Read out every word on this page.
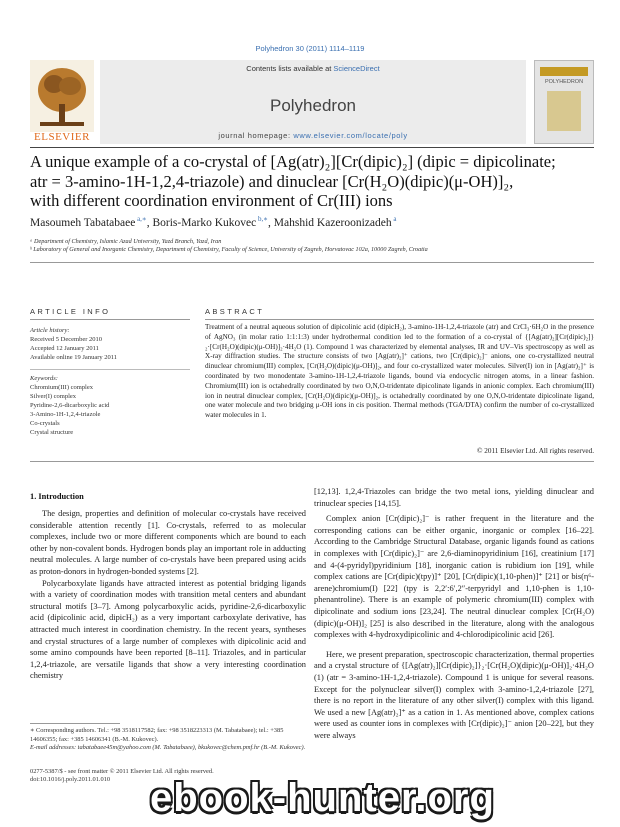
Polyhedron 30 (2011) 1114–1119
ELSEVIER
Contents lists available at ScienceDirect
Polyhedron
journal homepage: www.elsevier.com/locate/poly
POLYHEDRON
A unique example of a co-crystal of [Ag(atr)₂][Cr(dipic)₂] (dipic = dipicolinate;
atr = 3-amino-1H-1,2,4-triazole) and dinuclear [Cr(H₂O)(dipic)(μ-OH)]₂,
with different coordination environment of Cr(III) ions
Masoumeh Tabatabaee $^{a,∗}$, Boris-Marko Kukovec $^{b,∗}$, Mahshid Kazeroonizadeh $^a$
ᵃ Department of Chemistry, Islamic Azad University, Yazd Branch, Yazd, Iran
ᵇ Laboratory of General and Inorganic Chemistry, Department of Chemistry, Faculty of Science, University of Zagreb, Horvatovac 102a, 10000 Zagreb, Croatia
ARTICLE INFO
Article history:
Received 5 December 2010
Accepted 12 January 2011
Available online 19 January 2011
Keywords:
Chromium(III) complex
Silver(I) complex
Pyridine-2,6-dicarboxylic acid
3-Amino-1H-1,2,4-triazole
Co-crystals
Crystal structure
ABSTRACT
Treatment of a neutral aqueous solution of dipicolinic acid (dipicH₂), 3-amino-1H-1,2,4-triazole (atr) and CrCl₃·6H₂O in the presence of AgNO₃ (in molar ratio 1:1:1:3) under hydrothermal condition led to the formation of a co-crystal of {[Ag(atr)₂][Cr(dipic)₂]}₂·[Cr(H₂O)(dipic)(μ-OH)]₂·4H₂O (1). Compound 1 was characterized by elemental analyses, IR and UV–Vis spectroscopy as well as X-ray diffraction studies. The structure consists of two [Ag(atr)₂]⁺ cations, two [Cr(dipic)₂]⁻ anions, one co-crystallized neutral dinuclear chromium(III) complex, [Cr(H₂O)(dipic)(μ-OH)]₂, and four co-crystallized water molecules. Silver(I) ion in [Ag(atr)₂]⁺ is coordinated by two monodentate 3-amino-1H-1,2,4-triazole ligands, bound via endocyclic nitrogen atoms, in a linear fashion. Chromium(III) ion is octahedrally coordinated by two O,N,O-tridentate dipicolinate ligands in anionic complex. Each chromium(III) ion in neutral dinuclear complex, [Cr(H₂O)(dipic)(μ-OH)]₂, is octahedrally coordinated by one O,N,O-tridentate dipicolinate ligand, one water molecule and two bridging μ-OH ions in cis position. Thermal methods (TGA/DTA) confirm the number of co-crystallized water molecules in 1.
© 2011 Elsevier Ltd. All rights reserved.
1. Introduction
The design, properties and definition of molecular co-crystals have received considerable attention recently [1]. Co-crystals, referred to as molecular complexes, include two or more different components which are bound to each other by non-covalent bonds. Hydrogen bonds play an important role in adducting neutral molecules. A large number of co-crystals have been prepared using acids as proton-donors in hydrogen-bonded systems [2].
Polycarboxylate ligands have attracted interest as potential bridging ligands with a variety of coordination modes with transition metal centers and abundant structural motifs [3–7]. Among polycarboxylic acids, pyridine-2,6-dicarboxylic acid (dipicolinic acid, dipicH₂) as a very important carboxylate derivative, has attracted much interest in coordination chemistry. In the recent years, syntheses and crystal structures of a large number of complexes with dipicolinic acid and some amino compounds have been reported [8–11]. Triazoles, and in particular 1,2,4-triazole, are versatile ligands that show a very interesting coordination chemistry
[12,13]. 1,2,4-Triazoles can bridge the two metal ions, yielding dinuclear and trinuclear species [14,15].
Complex anion [Cr(dipic)₂]⁻ is rather frequent in the literature and the corresponding cations can be either organic, inorganic or complex [16–22]. According to the Cambridge Structural Database, organic ligands found as cations in complexes with [Cr(dipic)₂]⁻ are 2,6-diaminopyridinium [16], creatinium [17] and 4-(4-pyridyl)pyridinium [18], inorganic cation is rubidium ion [19], while complex cations are [Cr(dipic)(tpy)]⁺ [20], [Cr(dipic)(1,10-phen)]⁺ [21] or bis(η⁶-arene)chromium(I) [22] (tpy is 2,2′:6′,2″-terpyridyl and 1,10-phen is 1,10-phenantroline). There is an example of polymeric chromium(III) complex with dipicolinate and sodium ions [23,24]. The neutral dinuclear complex [Cr(H₂O)(dipic)(μ-OH)]₂ [25] is also described in the literature, along with the analogous complexes with 4-hydroxydipicolinic and 4-chlorodipicolinic acid [26].
Here, we present preparation, spectroscopic characterization, thermal properties and a crystal structure of {[Ag(atr)₂][Cr(dipic)₂]}₂·[Cr(H₂O)(dipic)(μ-OH)]₂·4H₂O (1) (atr = 3-amino-1H-1,2,4-triazole). Compound 1 is unique for several reasons. Except for the polynuclear silver(I) complex with 3-amino-1,2,4-triazole [27], there is no report in the literature of any other silver(I) complex with this ligand. We used a new [Ag(atr)₂]⁺ as a cation in 1. As mentioned above, complex cations were used as counter ions in complexes with [Cr(dipic)₂]⁻ anion [20–22], but they were always
∗ Corresponding authors. Tel.: +98 3518117582; fax: +98 3518223313 (M. Tabatabaee); tel.: +385 14606355; fax: +385 14606341 (B.-M. Kukovec).
E-mail addresses: tabatabaee45m@yahoo.com (M. Tabatabaee), bkukovec@chem.pmf.hr (B.-M. Kukovec).
0277-5387/$ - see front matter © 2011 Elsevier Ltd. All rights reserved.
doi:10.1016/j.poly.2011.01.010 ebook-hunter.org
